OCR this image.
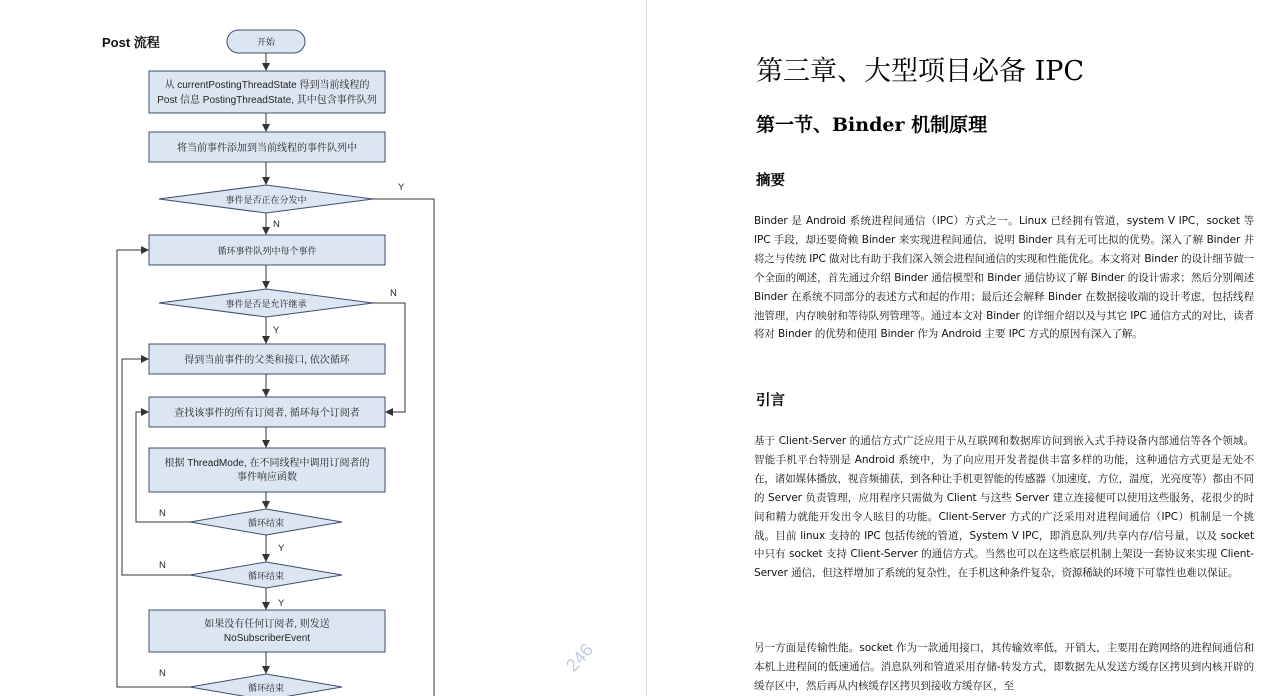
Post 流程	开始
从 currentPostingThreadState 得到当前线程的
Post 信息 PostingThreadState, 其中包含事件队列
将当前事件添加到当前线程的事件队列中
事件是否正在分发中
Y
N
循环事件队列中每个事件
事件是否是允许继承
Y
N
得到当前事件的父类和接口, 依次循环
查找该事件的所有订阅者, 循环每个订阅者
根据 ThreadMode, 在不同线程中调用订阅者的
事件响应函数
循环结束
N
Y
循环结束
N
Y
如果没有任何订阅者, 则发送
NoSubscriberEvent
循环结束
N	246
第三章、大型项目必备 IPC
第一节、Binder 机制原理
摘要

Binder 是 Android 系统进程间通信（IPC）方式之一。Linux 已经拥有管道，system V IPC，socket 等 IPC 手段，却还要倚赖 Binder 来实现进程间通信，说明 Binder 具有无可比拟的优势。深入了解 Binder 并将之与传统 IPC 做对比有助于我们深入领会进程间通信的实现和性能优化。本文将对 Binder 的设计细节做一个全面的阐述，首先通过介绍 Binder 通信模型和 Binder 通信协议了解 Binder 的设计需求；然后分别阐述 Binder 在系统不同部分的表述方式和起的作用；最后还会解释 Binder 在数据接收端的设计考虑，包括线程池管理，内存映射和等待队列管理等。通过本文对 Binder 的详细介绍以及与其它 IPC 通信方式的对比，读者将对 Binder 的优势和使用 Binder 作为 Android 主要 IPC 方式的原因有深入了解。

引言

基于 Client-Server 的通信方式广泛应用于从互联网和数据库访问到嵌入式手持设备内部通信等各个领域。智能手机平台特别是 Android 系统中，为了向应用开发者提供丰富多样的功能，这种通信方式更是无处不在，诸如媒体播放，视音频捕获，到各种让手机更智能的传感器（加速度，方位，温度，光亮度等）都由不同的 Server 负责管理，应用程序只需做为 Client 与这些 Server 建立连接便可以使用这些服务，花很少的时间和精力就能开发出令人眩目的功能。Client-Server 方式的广泛采用对进程间通信（IPC）机制是一个挑战。目前 linux 支持的 IPC 包括传统的管道，System V IPC，即消息队列/共享内存/信号量，以及 socket 中只有 socket 支持 Client-Server 的通信方式。当然也可以在这些底层机制上架设一套协议来实现 Client-Server 通信，但这样增加了系统的复杂性，在手机这种条件复杂，资源稀缺的环境下可靠性也难以保证。

另一方面是传输性能。socket 作为一款通用接口，其传输效率低，开销大，主要用在跨网络的进程间通信和本机上进程间的低速通信。消息队列和管道采用存储-转发方式，即数据先从发送方缓存区拷贝到内核开辟的缓存区中，然后再从内核缓存区拷贝到接收方缓存区，至
